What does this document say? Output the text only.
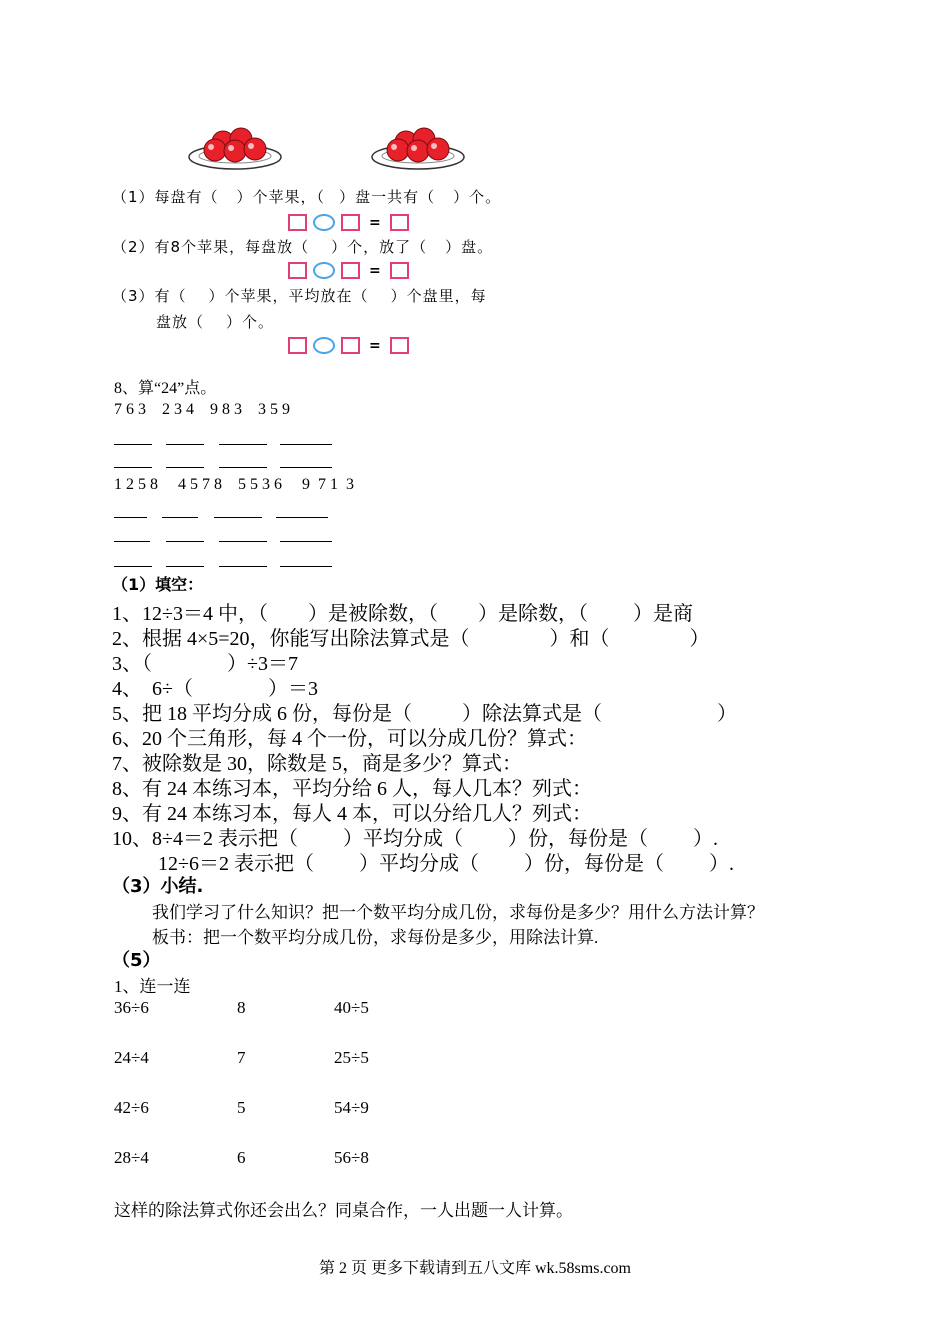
（1）每盘有（ ）个苹果，（ ）盘一共有（ ）个。
=
（2）有8个苹果，每盘放（ ）个，放了（ ）盘。
=
（3）有（ ）个苹果，平均放在（ ）个盘里，每
盘放（ ）个。
=
8、算“24”点。
7 6 3    2 3 4    9 8 3    3 5 9
1 2 5 8     4 5 7 8    5 5 3 6     9  7 1  3
（1）填空：
1、12÷3＝4 中，（        ）是被除数，（        ）是除数，（         ）是商
2、根据 4×5=20，你能写出除法算式是（                ）和（                ）
3、（               ）÷3＝7
4、  6÷（               ）＝3
5、把 18 平均分成 6 份，每份是（          ）除法算式是（                       ）
6、20 个三角形，每 4 个一份，可以分成几份？算式：
7、被除数是 30，除数是 5，商是多少？算式：
8、有 24 本练习本，平均分给 6 人，每人几本？列式：
9、有 24 本练习本，每人 4 本，可以分给几人？列式：
10、8÷4＝2 表示把（         ）平均分成（         ）份，每份是（         ）.
12÷6＝2 表示把（         ）平均分成（         ）份，每份是（         ）.
（3）小结.
我们学习了什么知识？把一个数平均分成几份，求每份是多少？用什么方法计算？
板书：把一个数平均分成几份，求每份是多少，用除法计算.
（5）
1、连一连
36÷6	8	40÷5
24÷4	7	25÷5
42÷6	5	54÷9
28÷4	6	56÷8
这样的除法算式你还会出么？同桌合作，一人出题一人计算。
第 2 页 更多下载请到五八文库 wk.58sms.com
